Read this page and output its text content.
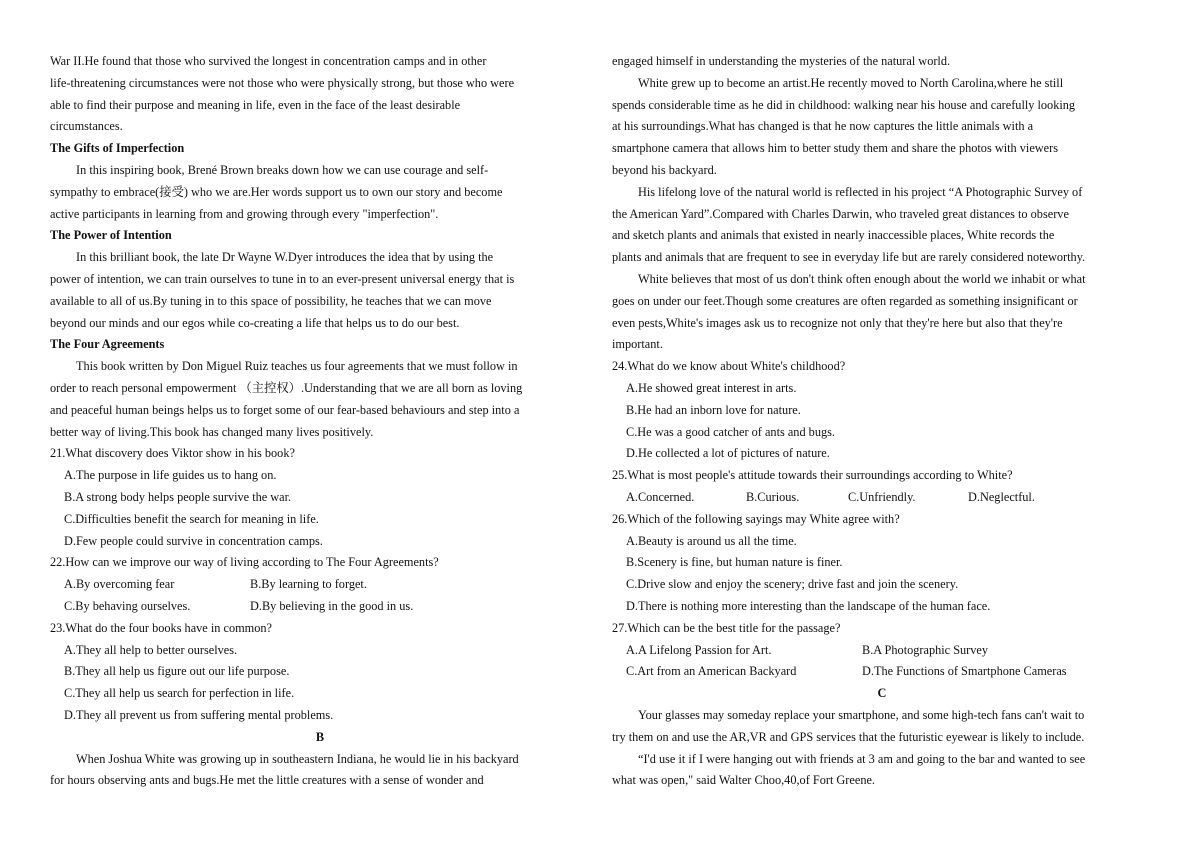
War II.He found that those who survived the longest in concentration camps and in other
life-threatening circumstances were not those who were physically strong, but those who were
able to find their purpose and meaning in life, even in the face of the least desirable
circumstances.
The Gifts of Imperfection
In this inspiring book, Brené Brown breaks down how we can use courage and self-
sympathy to embrace(接受) who we are.Her words support us to own our story and become
active participants in learning from and growing through every "imperfection".
The Power of Intention
In this brilliant book, the late Dr Wayne W.Dyer introduces the idea that by using the
power of intention, we can train ourselves to tune in to an ever-present universal energy that is
available to all of us.By tuning in to this space of possibility, he teaches that we can move
beyond our minds and our egos while co-creating a life that helps us to do our best.
The Four Agreements
This book written by Don Miguel Ruiz teaches us four agreements that we must follow in
order to reach personal empowerment （主控权）.Understanding that we are all born as loving
and peaceful human beings helps us to forget some of our fear-based behaviours and step into a
better way of living.This book has changed many lives positively.
21.What discovery does Viktor show in his book?
A.The purpose in life guides us to hang on.
B.A strong body helps people survive the war.
C.Difficulties benefit the search for meaning in life.
D.Few people could survive in concentration camps.
22.How can we improve our way of living according to The Four Agreements?
A.By overcoming fear	B.By learning to forget.
C.By behaving ourselves.	D.By believing in the good in us.
23.What do the four books have in common?
A.They all help to better ourselves.
B.They all help us figure out our life purpose.
C.They all help us search for perfection in life.
D.They all prevent us from suffering mental problems.
B
When Joshua White was growing up in southeastern Indiana, he would lie in his backyard
for hours observing ants and bugs.He met the little creatures with a sense of wonder and
engaged himself in understanding the mysteries of the natural world.
White grew up to become an artist.He recently moved to North Carolina,where he still
spends considerable time as he did in childhood: walking near his house and carefully looking
at his surroundings.What has changed is that he now captures the little animals with a
smartphone camera that allows him to better study them and share the photos with viewers
beyond his backyard.
His lifelong love of the natural world is reflected in his project “A Photographic Survey of
the American Yard”.Compared with Charles Darwin, who traveled great distances to observe
and sketch plants and animals that existed in nearly inaccessible places, White records the
plants and animals that are frequent to see in everyday life but are rarely considered noteworthy.
White believes that most of us don't think often enough about the world we inhabit or what
goes on under our feet.Though some creatures are often regarded as something insignificant or
even pests,White's images ask us to recognize not only that they're here but also that they're
important.
24.What do we know about White's childhood?
A.He showed great interest in arts.
B.He had an inborn love for nature.
C.He was a good catcher of ants and bugs.
D.He collected a lot of pictures of nature.
25.What is most people's attitude towards their surroundings according to White?
A.Concerned.	B.Curious.	C.Unfriendly.	D.Neglectful.
26.Which of the following sayings may White agree with?
A.Beauty is around us all the time.
B.Scenery is fine, but human nature is finer.
C.Drive slow and enjoy the scenery; drive fast and join the scenery.
D.There is nothing more interesting than the landscape of the human face.
27.Which can be the best title for the passage?
A.A Lifelong Passion for Art.	B.A Photographic Survey
C.Art from an American Backyard	D.The Functions of Smartphone Cameras
C
Your glasses may someday replace your smartphone, and some high-tech fans can't wait to
try them on and use the AR,VR and GPS services that the futuristic eyewear is likely to include.
“I'd use it if I were hanging out with friends at 3 am and going to the bar and wanted to see
what was open," said Walter Choo,40,of Fort Greene.
